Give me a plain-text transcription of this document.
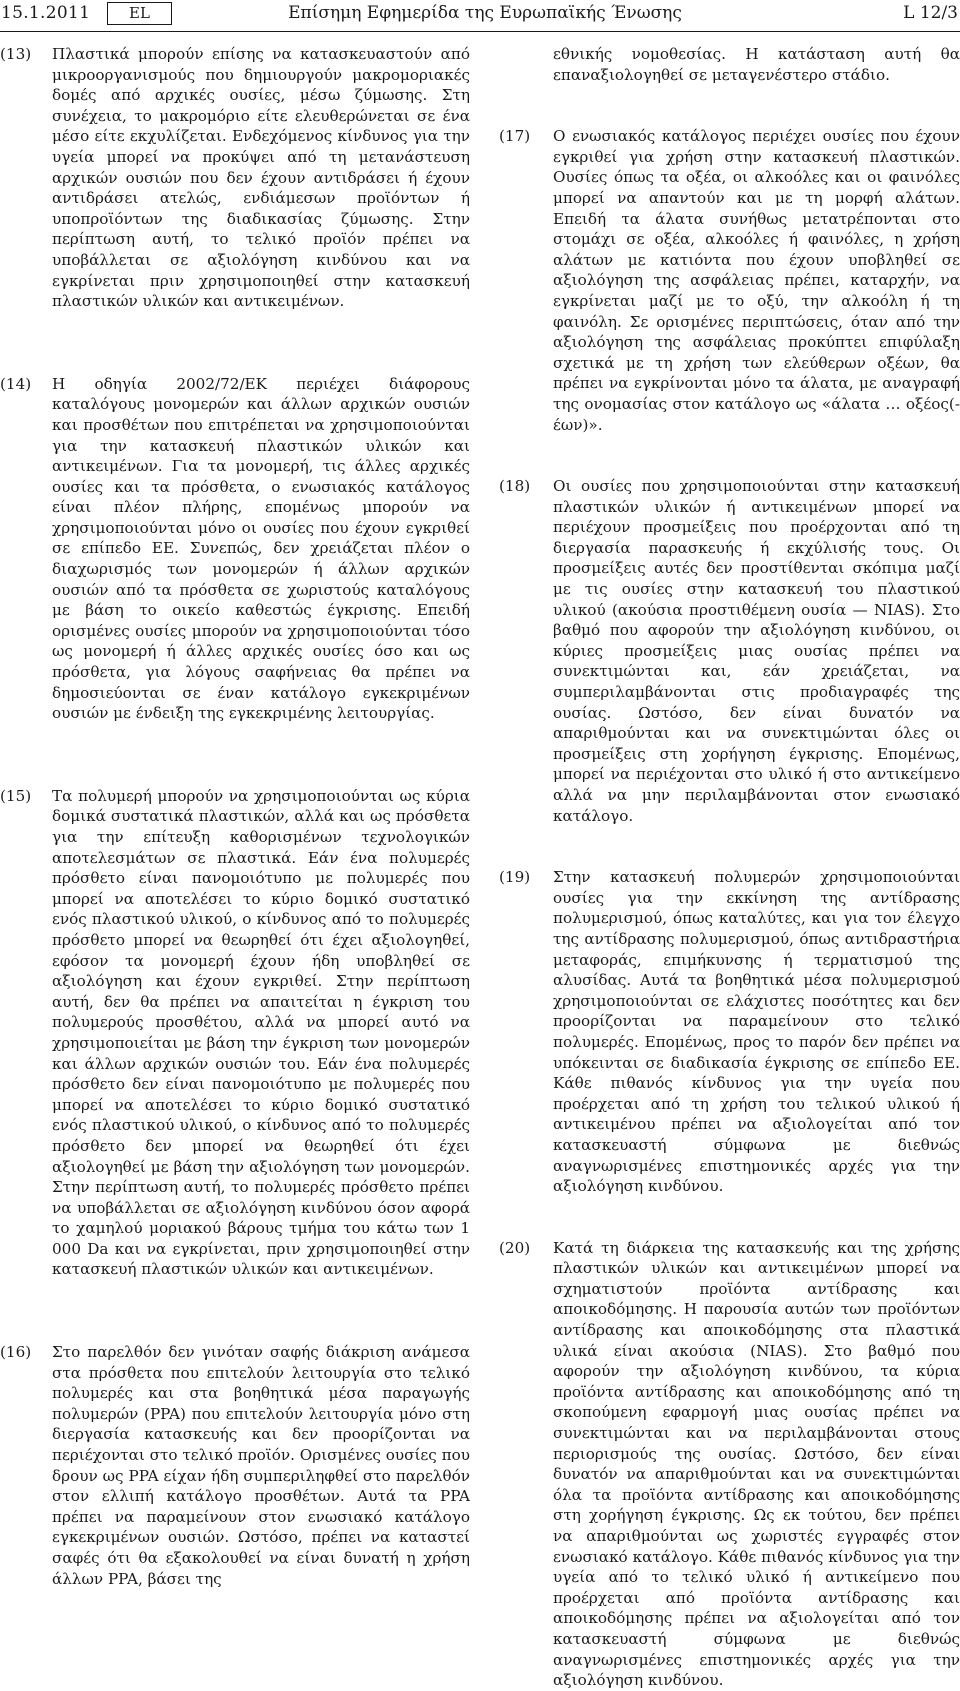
15.1.2011	EL	Επίσημη Εφημερίδα της Ευρωπαϊκής Ένωσης	L 12/3
(13)	Πλαστικά μπορούν επίσης να κατασκευαστούν από μικροοργανισμούς που δημιουργούν μακρομοριακές δομές από αρχικές ουσίες, μέσω ζύμωσης. Στη συνέχεια, το μακρομόριο είτε ελευθερώνεται σε ένα μέσο είτε εκχυλίζεται. Ενδεχόμενος κίνδυνος για την υγεία μπορεί να προκύψει από τη μετανάστευση αρχικών ουσιών που δεν έχουν αντιδράσει ή έχουν αντιδράσει ατελώς, ενδιάμεσων προϊόντων ή υποπροϊόντων της διαδικασίας ζύμωσης. Στην περίπτωση αυτή, το τελικό προϊόν πρέπει να υποβάλλεται σε αξιολόγηση κινδύνου και να εγκρίνεται πριν χρησιμοποιηθεί στην κατασκευή πλαστικών υλικών και αντικειμένων.

(14)	Η οδηγία 2002/72/ΕΚ περιέχει διάφορους καταλόγους μονομερών και άλλων αρχικών ουσιών και προσθέτων που επιτρέπεται να χρησιμοποιούνται για την κατασκευή πλαστικών υλικών και αντικειμένων. Για τα μονομερή, τις άλλες αρχικές ουσίες και τα πρόσθετα, ο ενωσιακός κατάλογος είναι πλέον πλήρης, επομένως μπορούν να χρησιμοποιούνται μόνο οι ουσίες που έχουν εγκριθεί σε επίπεδο ΕΕ. Συνεπώς, δεν χρειάζεται πλέον ο διαχωρισμός των μονομερών ή άλλων αρχικών ουσιών από τα πρόσθετα σε χωριστούς καταλόγους με βάση το οικείο καθεστώς έγκρισης. Επειδή ορισμένες ουσίες μπορούν να χρησιμοποιούνται τόσο ως μονομερή ή άλλες αρχικές ουσίες όσο και ως πρόσθετα, για λόγους σαφήνειας θα πρέπει να δημοσιεύονται σε έναν κατάλογο εγκεκριμένων ουσιών με ένδειξη της εγκεκριμένης λειτουργίας.

(15)	Τα πολυμερή μπορούν να χρησιμοποιούνται ως κύρια δομικά συστατικά πλαστικών, αλλά και ως πρόσθετα για την επίτευξη καθορισμένων τεχνολογικών αποτελεσμάτων σε πλαστικά. Εάν ένα πολυμερές πρόσθετο είναι πανομοιότυπο με πολυμερές που μπορεί να αποτελέσει το κύριο δομικό συστατικό ενός πλαστικού υλικού, ο κίνδυνος από το πολυμερές πρόσθετο μπορεί να θεωρηθεί ότι έχει αξιολογηθεί, εφόσον τα μονομερή έχουν ήδη υποβληθεί σε αξιολόγηση και έχουν εγκριθεί. Στην περίπτωση αυτή, δεν θα πρέπει να απαιτείται η έγκριση του πολυμερούς προσθέτου, αλλά να μπορεί αυτό να χρησιμοποιείται με βάση την έγκριση των μονομερών και άλλων αρχικών ουσιών του. Εάν ένα πολυμερές πρόσθετο δεν είναι πανομοιότυπο με πολυμερές που μπορεί να αποτελέσει το κύριο δομικό συστατικό ενός πλαστικού υλικού, ο κίνδυνος από το πολυμερές πρόσθετο δεν μπορεί να θεωρηθεί ότι έχει αξιολογηθεί με βάση την αξιολόγηση των μονομερών. Στην περίπτωση αυτή, το πολυμερές πρόσθετο πρέπει να υποβάλλεται σε αξιολόγηση κινδύνου όσον αφορά το χαμηλού μοριακού βάρους τμήμα του κάτω των 1 000 Da και να εγκρίνεται, πριν χρησιμοποιηθεί στην κατασκευή πλαστικών υλικών και αντικειμένων.

(16)	Στο παρελθόν δεν γινόταν σαφής διάκριση ανάμεσα στα πρόσθετα που επιτελούν λειτουργία στο τελικό πολυμερές και στα βοηθητικά μέσα παραγωγής πολυμερών (PPA) που επιτελούν λειτουργία μόνο στη διεργασία κατασκευής και δεν προορίζονται να περιέχονται στο τελικό προϊόν. Ορισμένες ουσίες που δρουν ως PPA είχαν ήδη συμπεριληφθεί στο παρελθόν στον ελλιπή κατάλογο προσθέτων. Αυτά τα PPA πρέπει να παραμείνουν στον ενωσιακό κατάλογο εγκεκριμένων ουσιών. Ωστόσο, πρέπει να καταστεί σαφές ότι θα εξακολουθεί να είναι δυνατή η χρήση άλλων PPA, βάσει της

εθνικής νομοθεσίας. Η κατάσταση αυτή θα επαναξιολογηθεί σε μεταγενέστερο στάδιο.

(17)	Ο ενωσιακός κατάλογος περιέχει ουσίες που έχουν εγκριθεί για χρήση στην κατασκευή πλαστικών. Ουσίες όπως τα οξέα, οι αλκοόλες και οι φαινόλες μπορεί να απαντούν και με τη μορφή αλάτων. Επειδή τα άλατα συνήθως μετατρέπονται στο στομάχι σε οξέα, αλκοόλες ή φαινόλες, η χρήση αλάτων με κατιόντα που έχουν υποβληθεί σε αξιολόγηση της ασφάλειας πρέπει, καταρχήν, να εγκρίνεται μαζί με το οξύ, την αλκοόλη ή τη φαινόλη. Σε ορισμένες περιπτώσεις, όταν από την αξιολόγηση της ασφάλειας προκύπτει επιφύλαξη σχετικά με τη χρήση των ελεύθερων οξέων, θα πρέπει να εγκρίνονται μόνο τα άλατα, με αναγραφή της ονομασίας στον κατάλογο ως «άλατα … οξέος(-έων)».

(18)	Οι ουσίες που χρησιμοποιούνται στην κατασκευή πλαστικών υλικών ή αντικειμένων μπορεί να περιέχουν προσμείξεις που προέρχονται από τη διεργασία παρασκευής ή εκχύλισής τους. Οι προσμείξεις αυτές δεν προστίθενται σκόπιμα μαζί με τις ουσίες στην κατασκευή του πλαστικού υλικού (ακούσια προστιθέμενη ουσία — NIAS). Στο βαθμό που αφορούν την αξιολόγηση κινδύνου, οι κύριες προσμείξεις μιας ουσίας πρέπει να συνεκτιμώνται και, εάν χρειάζεται, να συμπεριλαμβάνονται στις προδιαγραφές της ουσίας. Ωστόσο, δεν είναι δυνατόν να απαριθμούνται και να συνεκτιμώνται όλες οι προσμείξεις στη χορήγηση έγκρισης. Επομένως, μπορεί να περιέχονται στο υλικό ή στο αντικείμενο αλλά να μην περιλαμβάνονται στον ενωσιακό κατάλογο.

(19)	Στην κατασκευή πολυμερών χρησιμοποιούνται ουσίες για την εκκίνηση της αντίδρασης πολυμερισμού, όπως καταλύτες, και για τον έλεγχο της αντίδρασης πολυμερισμού, όπως αντιδραστήρια μεταφοράς, επιμήκυνσης ή τερματισμού της αλυσίδας. Αυτά τα βοηθητικά μέσα πολυμερισμού χρησιμοποιούνται σε ελάχιστες ποσότητες και δεν προορίζονται να παραμείνουν στο τελικό πολυμερές. Επομένως, προς το παρόν δεν πρέπει να υπόκεινται σε διαδικασία έγκρισης σε επίπεδο ΕΕ. Κάθε πιθανός κίνδυνος για την υγεία που προέρχεται από τη χρήση του τελικού υλικού ή αντικειμένου πρέπει να αξιολογείται από τον κατασκευαστή σύμφωνα με διεθνώς αναγνωρισμένες επιστημονικές αρχές για την αξιολόγηση κινδύνου.

(20)	Κατά τη διάρκεια της κατασκευής και της χρήσης πλαστικών υλικών και αντικειμένων μπορεί να σχηματιστούν προϊόντα αντίδρασης και αποικοδόμησης. Η παρουσία αυτών των προϊόντων αντίδρασης και αποικοδόμησης στα πλαστικά υλικά είναι ακούσια (NIAS). Στο βαθμό που αφορούν την αξιολόγηση κινδύνου, τα κύρια προϊόντα αντίδρασης και αποικοδόμησης από τη σκοπούμενη εφαρμογή μιας ουσίας πρέπει να συνεκτιμώνται και να περιλαμβάνονται στους περιορισμούς της ουσίας. Ωστόσο, δεν είναι δυνατόν να απαριθμούνται και να συνεκτιμώνται όλα τα προϊόντα αντίδρασης και αποικοδόμησης στη χορήγηση έγκρισης. Ως εκ τούτου, δεν πρέπει να απαριθμούνται ως χωριστές εγγραφές στον ενωσιακό κατάλογο. Κάθε πιθανός κίνδυνος για την υγεία από το τελικό υλικό ή αντικείμενο που προέρχεται από προϊόντα αντίδρασης και αποικοδόμησης πρέπει να αξιολογείται από τον κατασκευαστή σύμφωνα με διεθνώς αναγνωρισμένες επιστημονικές αρχές για την αξιολόγηση κινδύνου.
